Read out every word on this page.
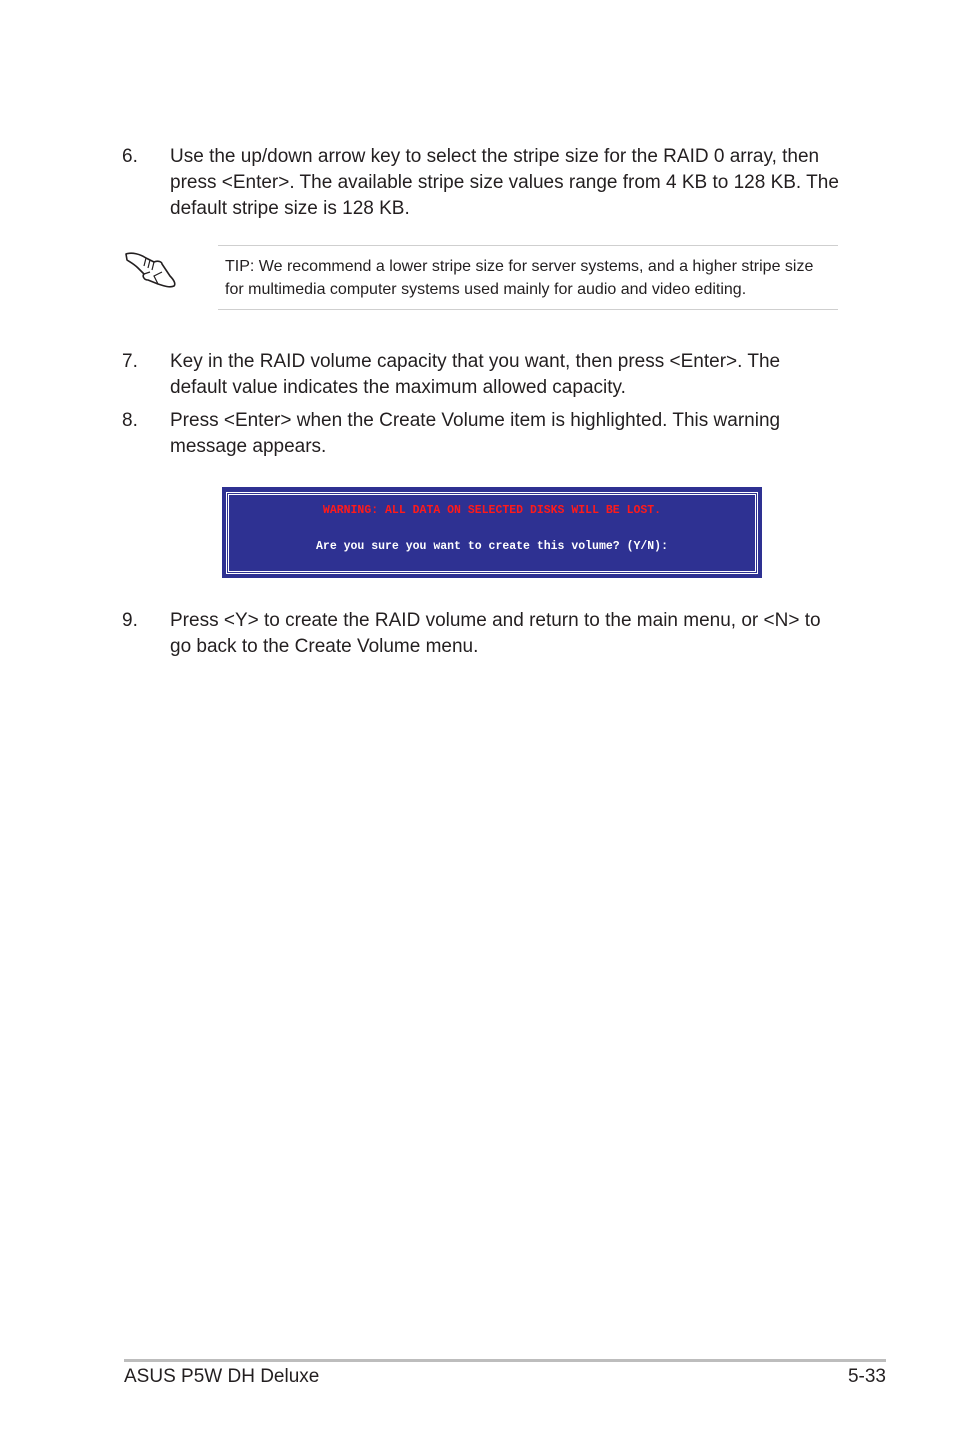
6. Use the up/down arrow key to select the stripe size for the RAID 0 array, then press <Enter>. The available stripe size values range from 4 KB to 128 KB. The default stripe size is 128 KB.
TIP: We recommend a lower stripe size for server systems, and a higher stripe size for multimedia computer systems used mainly for audio and video editing.
7. Key in the RAID volume capacity that you want, then press <Enter>. The default value indicates the maximum allowed capacity.
8. Press <Enter> when the Create Volume item is highlighted. This warning message appears.
WARNING: ALL DATA ON SELECTED DISKS WILL BE LOST.
Are you sure you want to create this volume? (Y/N):
9. Press <Y> to create the RAID volume and return to the main menu, or <N> to go back to the Create Volume menu.
ASUS P5W DH Deluxe	5-33
